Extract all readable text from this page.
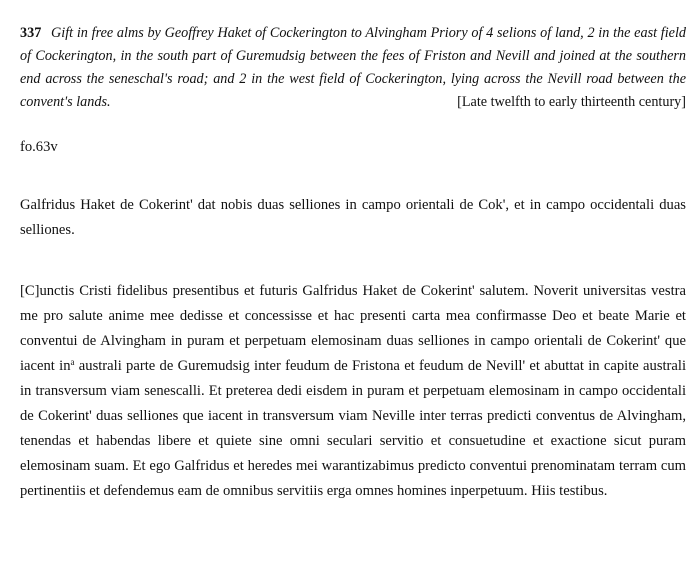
337 Gift in free alms by Geoffrey Haket of Cockerington to Alvingham Priory of 4 selions of land, 2 in the east field of Cockerington, in the south part of Guremudsig between the fees of Friston and Nevill and joined at the southern end across the seneschal's road; and 2 in the west field of Cockerington, lying across the Nevill road between the convent's lands.	[Late twelfth to early thirteenth century]
fo.63v
Galfridus Haket de Cokerint' dat nobis duas selliones in campo orientali de Cok', et in campo occidentali duas selliones.
[C]unctis Cristi fidelibus presentibus et futuris Galfridus Haket de Cokerint' salutem. Noverit universitas vestra me pro salute anime mee dedisse et concessisse et hac presenti carta mea confirmasse Deo et beate Marie et conventui de Alvingham in puram et perpetuam elemosinam duas selliones in campo orientali de Cokerint' que iacent $in^a$ australi parte de Guremudsig inter feudum de Fristona et feudum de Nevill' et abuttat in capite australi in transversum viam senescalli. Et preterea dedi eisdem in puram et perpetuam elemosinam in campo occidentali de Cokerint' duas selliones que iacent in transversum viam Neville inter terras predicti conventus de Alvingham, tenendas et habendas libere et quiete sine omni seculari servitio et consuetudine et exactione sicut puram elemosinam suam. Et ego Galfridus et heredes mei warantizabimus predicto conventui prenominatam terram cum pertinentiis et defendemus eam de omnibus servitiis erga omnes homines inperpetuum. Hiis testibus.
